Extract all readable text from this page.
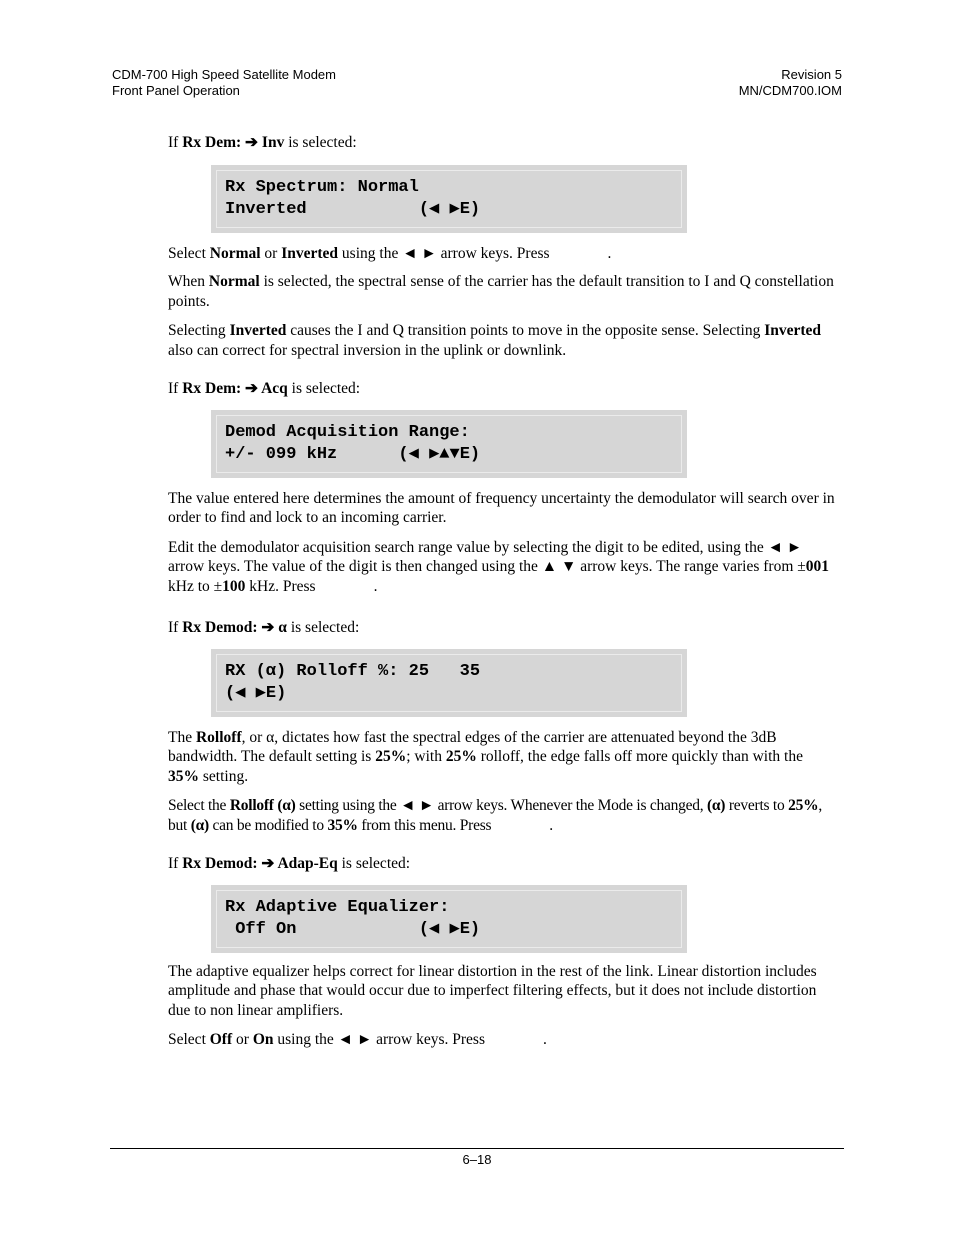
CDM-700 High Speed Satellite Modem
Front Panel Operation
Revision 5
MN/CDM700.IOM

If Rx Dem: ➔ Inv is selected:

Rx Spectrum: Normal
Inverted           (◀ ▶E)

Select Normal or Inverted using the ◄ ► arrow keys. Press	.

When Normal is selected, the spectral sense of the carrier has the default transition to I and Q constellation points.

Selecting Inverted causes the I and Q transition points to move in the opposite sense. Selecting Inverted also can correct for spectral inversion in the uplink or downlink.

If Rx Dem: ➔ Acq is selected:

Demod Acquisition Range:
+/- 099 kHz      (◀ ▶▲▼E)

The value entered here determines the amount of frequency uncertainty the demodulator will search over in order to find and lock to an incoming carrier.

Edit the demodulator acquisition search range value by selecting the digit to be edited, using the ◄ ► arrow keys. The value of the digit is then changed using the ▲ ▼ arrow keys. The range varies from ±001 kHz to ±100 kHz. Press	.

If Rx Demod: ➔ α is selected:

RX (α) Rolloff %: 25   35
(◀ ▶E)

The Rolloff, or α, dictates how fast the spectral edges of the carrier are attenuated beyond the 3dB bandwidth. The default setting is 25%; with 25% rolloff, the edge falls off more quickly than with the 35% setting.

Select the Rolloff (α) setting using the ◄ ► arrow keys. Whenever the Mode is changed, (α) reverts to 25%, but (α) can be modified to 35% from this menu. Press	.

If Rx Demod: ➔ Adap-Eq is selected:

Rx Adaptive Equalizer:
Off On            (◀ ▶E)

The adaptive equalizer helps correct for linear distortion in the rest of the link. Linear distortion includes amplitude and phase that would occur due to imperfect filtering effects, but it does not include distortion due to non linear amplifiers.

Select Off or On using the ◄ ► arrow keys. Press	.

6–18
